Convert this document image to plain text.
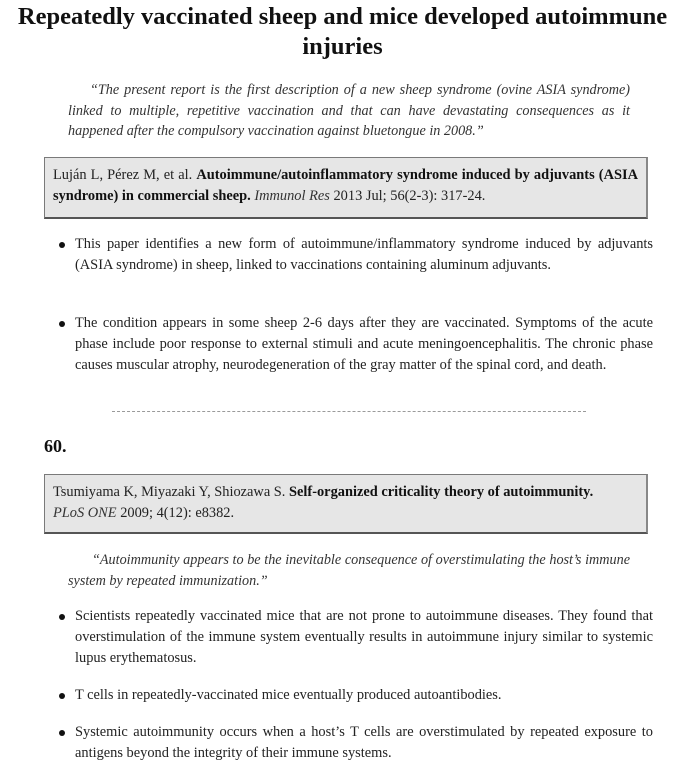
Repeatedly vaccinated sheep and mice developed autoimmune injuries
“The present report is the first description of a new sheep syndrome (ovine ASIA syndrome) linked to multiple, repetitive vaccination and that can have devastating consequences as it happened after the compulsory vaccination against bluetongue in 2008.”
Luján L, Pérez M, et al. Autoimmune/autoinflammatory syndrome induced by adjuvants (ASIA syndrome) in commercial sheep. Immunol Res 2013 Jul; 56(2-3): 317-24.
This paper identifies a new form of autoimmune/inflammatory syndrome induced by adjuvants (ASIA syndrome) in sheep, linked to vaccinations containing aluminum adjuvants.
The condition appears in some sheep 2-6 days after they are vaccinated. Symptoms of the acute phase include poor response to external stimuli and acute meningoencephalitis. The chronic phase causes muscular atrophy, neurodegeneration of the gray matter of the spinal cord, and death.
60.
Tsumiyama K, Miyazaki Y, Shiozawa S. Self-organized criticality theory of autoimmunity.
PLoS ONE 2009; 4(12): e8382.
“Autoimmunity appears to be the inevitable consequence of overstimulating the host’s immune system by repeated immunization.”
Scientists repeatedly vaccinated mice that are not prone to autoimmune diseases. They found that overstimulation of the immune system eventually results in autoimmune injury similar to systemic lupus erythematosus.
T cells in repeatedly-vaccinated mice eventually produced autoantibodies.
Systemic autoimmunity occurs when a host’s T cells are overstimulated by repeated exposure to antigens beyond the integrity of their immune systems.
